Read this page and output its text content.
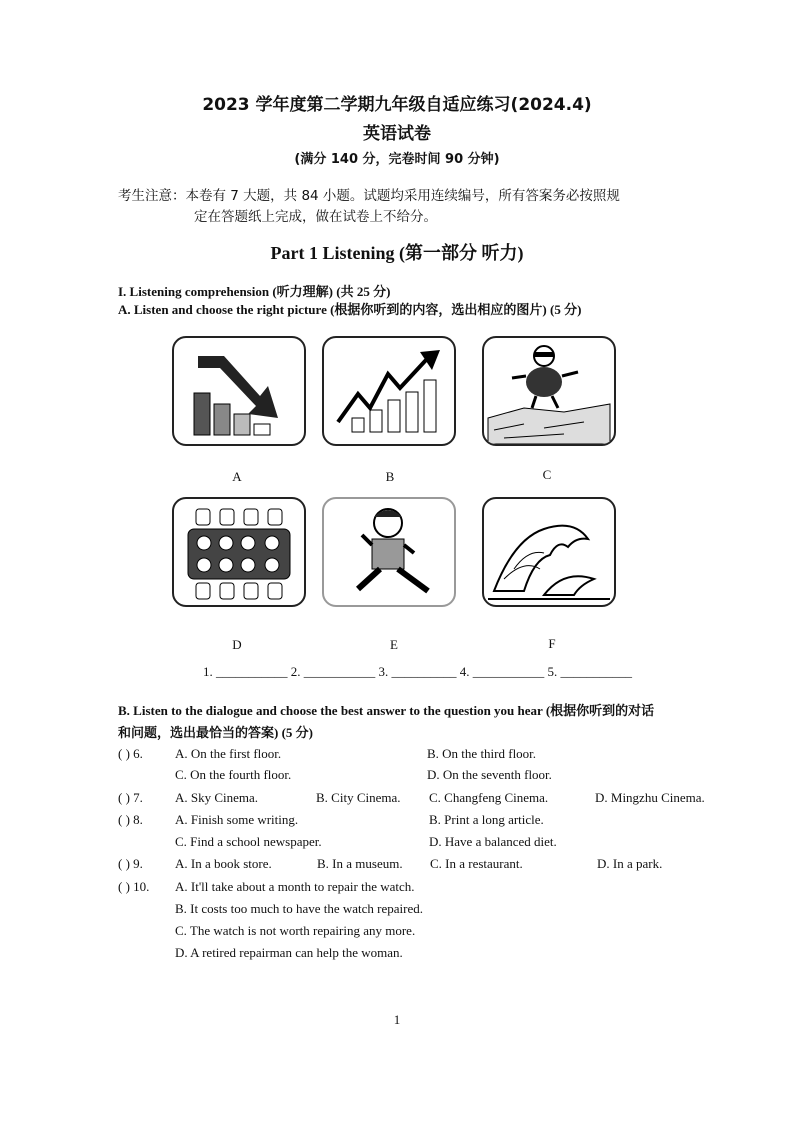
2023 学年度第二学期九年级自适应练习(2024.4)
英语试卷
(满分 140 分，完卷时间 90 分钟)
考生注意：本卷有 7 大题，共 84 小题。试题均采用连续编号，所有答案务必按照规
定在答题纸上完成，做在试卷上不给分。
Part 1 Listening (第一部分 听力)
I. Listening comprehension (听力理解) (共 25 分)
A. Listen and choose the right picture (根据你听到的内容，选出相应的图片) (5 分)
A	B	C
D	E	F
1. ___________ 2. ___________ 3. __________ 4. ___________ 5. ___________
B. Listen to the dialogue and choose the best answer to the question you hear (根据你听到的对话
和问题，选出最恰当的答案) (5 分)
( ) 6. A. On the first floor.	B. On the third floor.
C. On the fourth floor.	D. On the seventh floor.
( ) 7. A. Sky Cinema.	B. City Cinema. C. Changfeng Cinema.	D. Mingzhu Cinema.
( ) 8. A. Finish some writing.	B. Print a long article.
C. Find a school newspaper.	D. Have a balanced diet.
( ) 9. A. In a book store.	B. In a museum. C. In a restaurant.	D. In a park.
( ) 10. A. It'll take about a month to repair the watch.
B. It costs too much to have the watch repaired.
C. The watch is not worth repairing any more.
D. A retired repairman can help the woman.
1
